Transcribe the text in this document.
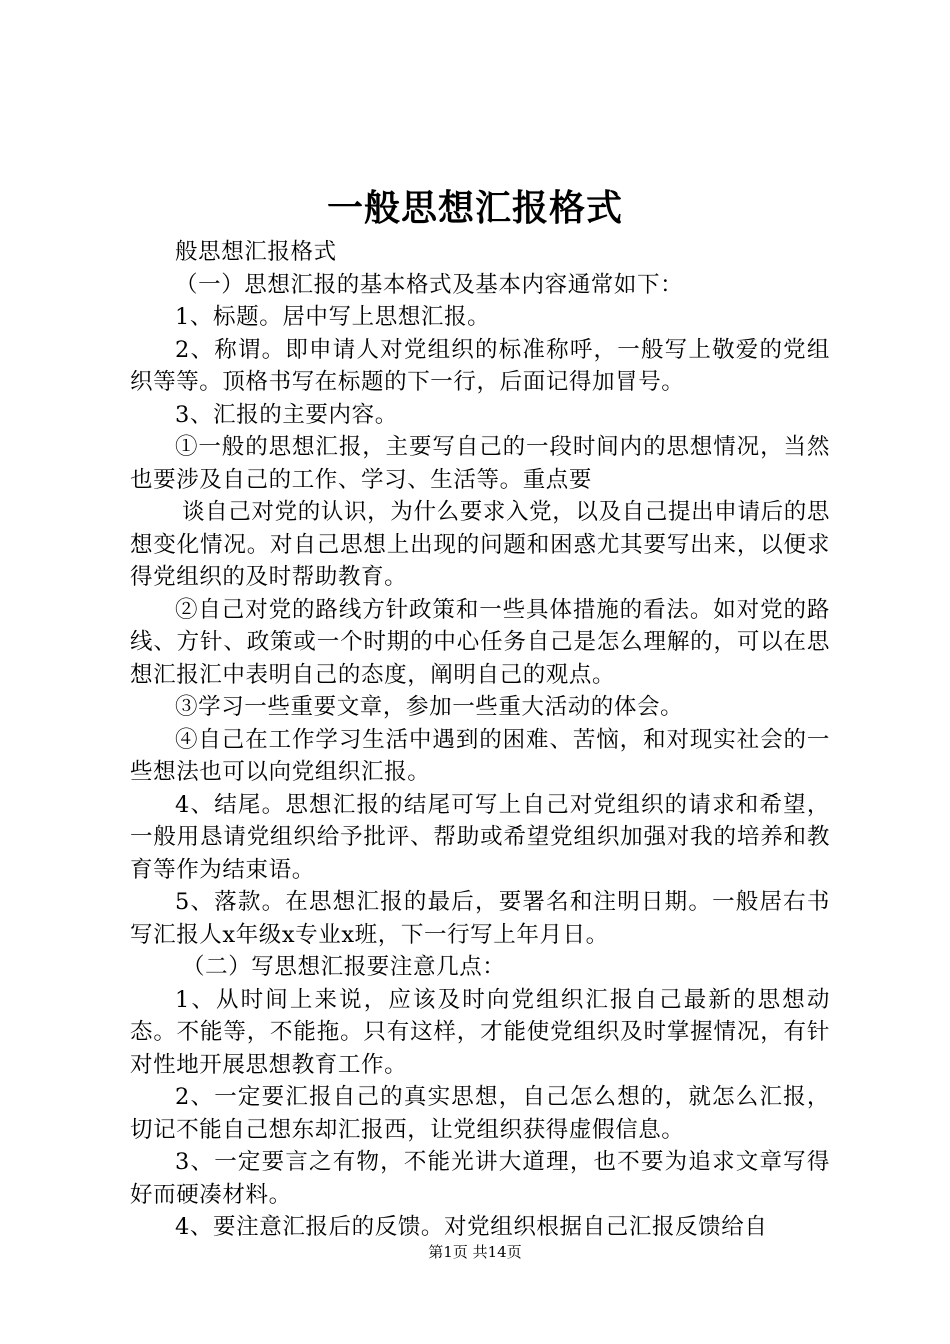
一般思想汇报格式

般思想汇报格式

（一）思想汇报的基本格式及基本内容通常如下：

1、标题。居中写上思想汇报。

2、称谓。即申请人对党组织的标准称呼，一般写上敬爱的党组织等等。顶格书写在标题的下一行，后面记得加冒号。

3、汇报的主要内容。

①一般的思想汇报，主要写自己的一段时间内的思想情况，当然也要涉及自己的工作、学习、生活等。重点要

谈自己对党的认识，为什么要求入党，以及自己提出申请后的思想变化情况。对自己思想上出现的问题和困惑尤其要写出来，以便求得党组织的及时帮助教育。

②自己对党的路线方针政策和一些具体措施的看法。如对党的路线、方针、政策或一个时期的中心任务自己是怎么理解的，可以在思想汇报汇中表明自己的态度，阐明自己的观点。

③学习一些重要文章，参加一些重大活动的体会。

④自己在工作学习生活中遇到的困难、苦恼，和对现实社会的一些想法也可以向党组织汇报。

4、结尾。思想汇报的结尾可写上自己对党组织的请求和希望，一般用恳请党组织给予批评、帮助或希望党组织加强对我的培养和教育等作为结束语。

5、落款。在思想汇报的最后，要署名和注明日期。一般居右书写汇报人x年级x专业x班，下一行写上年月日。

（二）写思想汇报要注意几点：

1、从时间上来说，应该及时向党组织汇报自己最新的思想动态。不能等，不能拖。只有这样，才能使党组织及时掌握情况，有针对性地开展思想教育工作。

2、一定要汇报自己的真实思想，自己怎么想的，就怎么汇报，切记不能自己想东却汇报西，让党组织获得虚假信息。

3、一定要言之有物，不能光讲大道理，也不要为追求文章写得好而硬凑材料。

4、要注意汇报后的反馈。对党组织根据自己汇报反馈给自

第1页 共14页
